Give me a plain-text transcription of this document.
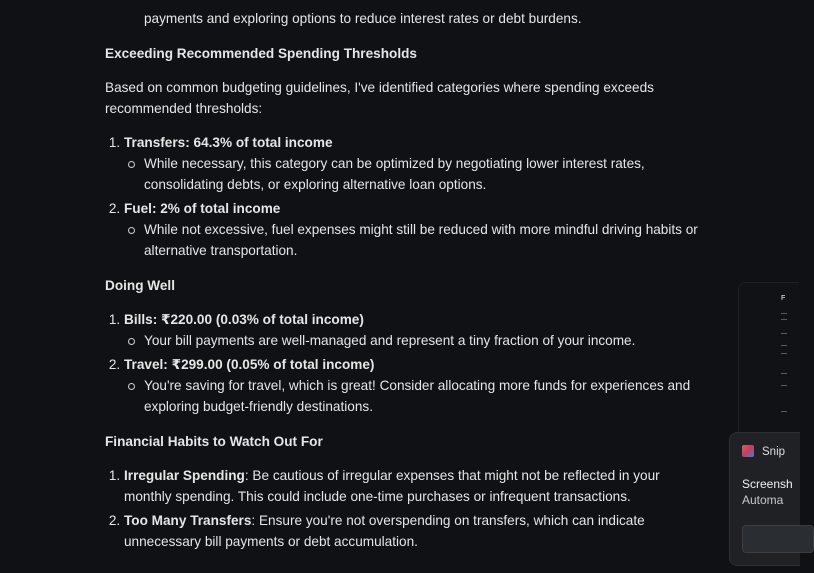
payments and exploring options to reduce interest rates or debt burdens.
Exceeding Recommended Spending Thresholds
Based on common budgeting guidelines, I've identified categories where spending exceeds recommended thresholds:
1. Transfers: 64.3% of total income
While necessary, this category can be optimized by negotiating lower interest rates, consolidating debts, or exploring alternative loan options.
2. Fuel: 2% of total income
While not excessive, fuel expenses might still be reduced with more mindful driving habits or alternative transportation.
Doing Well
1. Bills: ₹220.00 (0.03% of total income)
Your bill payments are well-managed and represent a tiny fraction of your income.
2. Travel: ₹299.00 (0.05% of total income)
You're saving for travel, which is great! Consider allocating more funds for experiences and exploring budget-friendly destinations.
Financial Habits to Watch Out For
1. Irregular Spending: Be cautious of irregular expenses that might not be reflected in your monthly spending. This could include one-time purchases or infrequent transactions.
2. Too Many Transfers: Ensure you're not overspending on transfers, which can indicate unnecessary bill payments or debt accumulation.
F
Snip
Screensh
Automa
